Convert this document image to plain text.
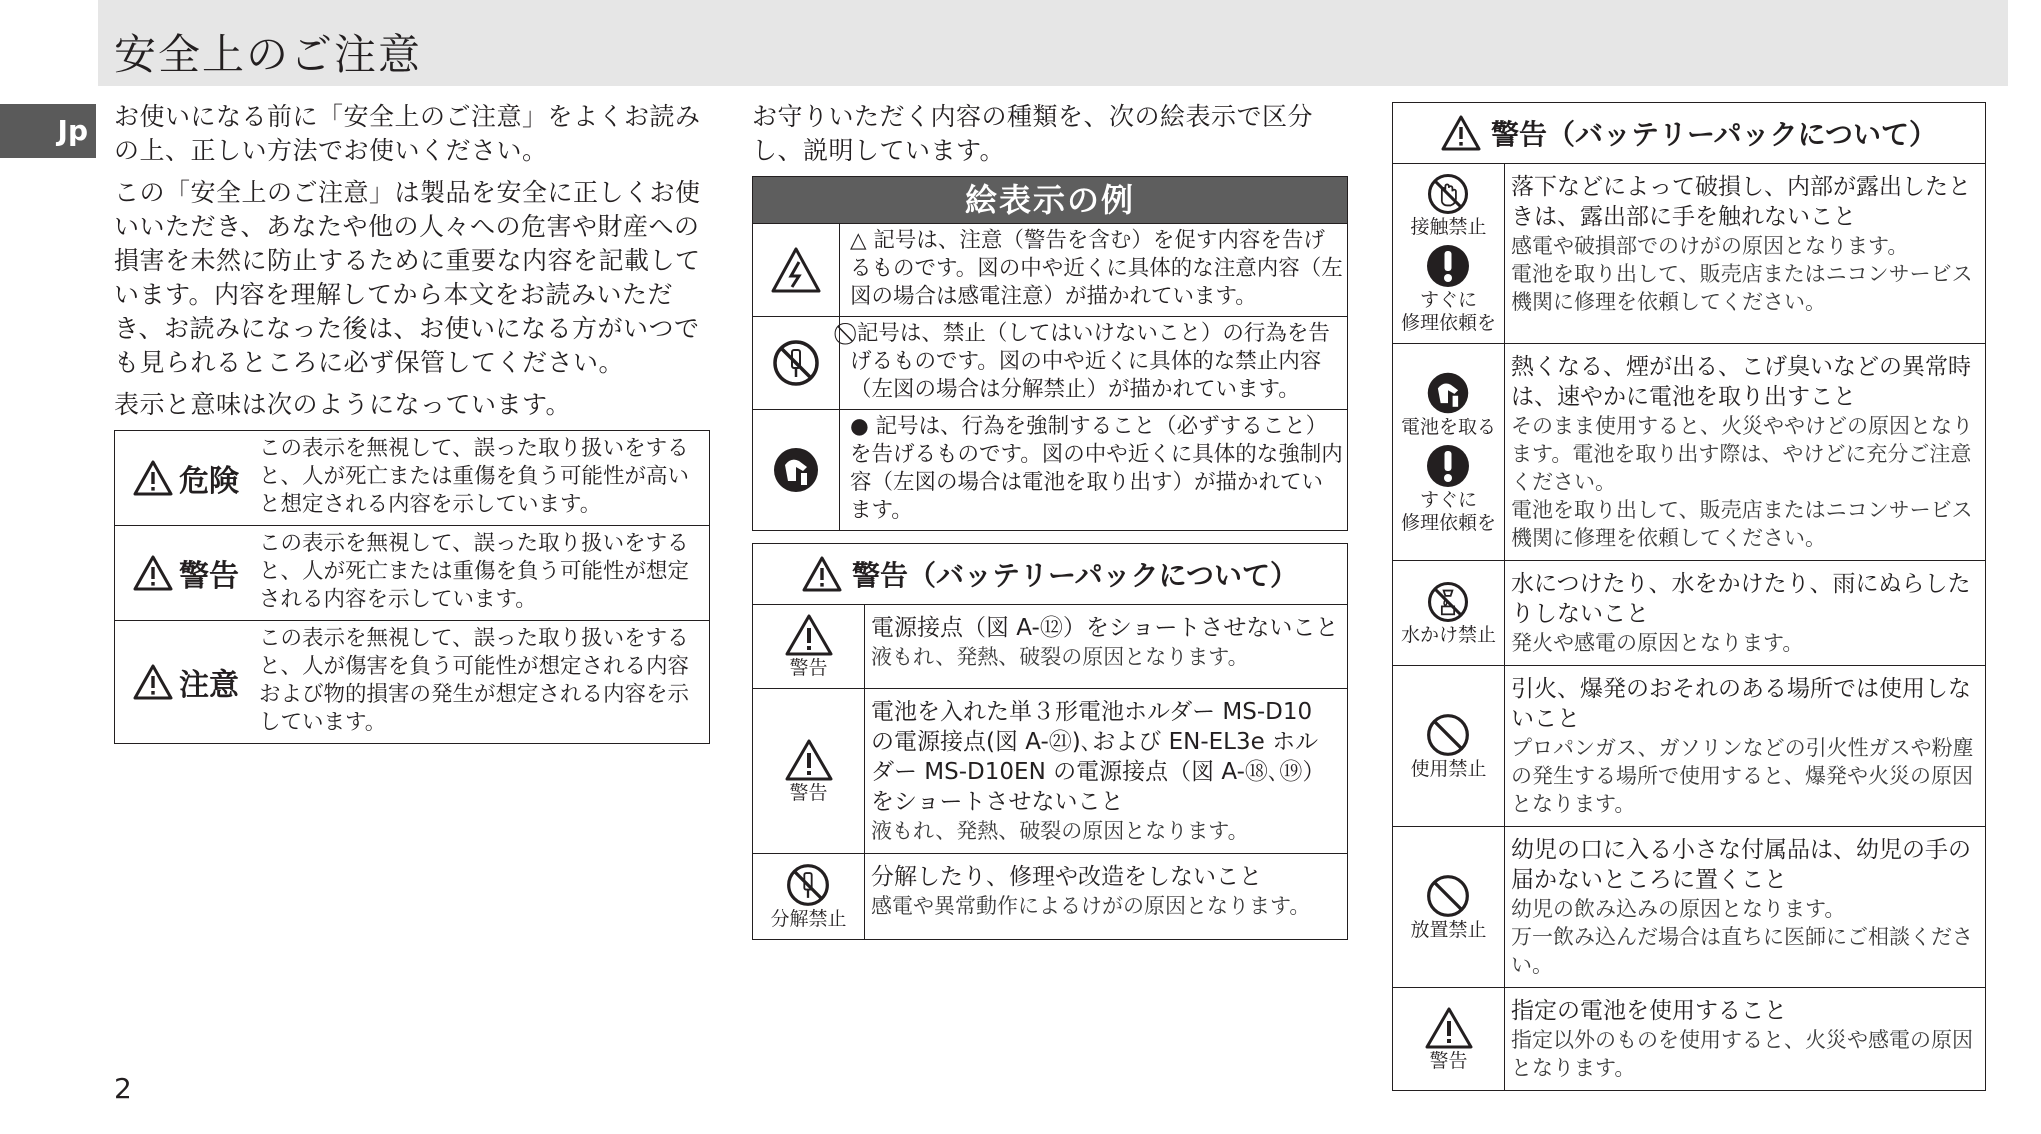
安全上のご注意
Jp	お使いになる前に「安全上のご注意」をよくお読みの上、正しい方法でお使いください。

この「安全上のご注意」は製品を安全に正しくお使いいただき、あなたや他の人々への危害や財産への損害を未然に防止するために重要な内容を記載しています。内容を理解してから本文をお読みいただき、お読みになった後は、お使いになる方がいつでも見られるところに必ず保管してください。

表示と意味は次のようになっています。

危険
この表示を無視して、誤った取り扱いをすると、人が死亡または重傷を負う可能性が高いと想定される内容を示しています。
警告
この表示を無視して、誤った取り扱いをすると、人が死亡または重傷を負う可能性が想定される内容を示しています。
注意
この表示を無視して、誤った取り扱いをすると、人が傷害を負う可能性が想定される内容および物的損害の発生が想定される内容を示しています。

お守りいただく内容の種類を、次の絵表示で区分し、説明しています。

絵表示の例
△ 記号は、注意（警告を含む）を促す内容を告げるものです。図の中や近くに具体的な注意内容（左図の場合は感電注意）が描かれています。
⃠ 記号は、禁止（してはいけないこと）の行為を告げるものです。図の中や近くに具体的な禁止内容（左図の場合は分解禁止）が描かれています。
● 記号は、行為を強制すること（必ずすること）を告げるものです。図の中や近くに具体的な強制内容（左図の場合は電池を取り出す）が描かれています。
警告（バッテリーパックについて）
警告
電源接点（図 A-⑫）をショートさせないこと
液もれ、発熱、破裂の原因となります。
警告
電池を入れた単３形電池ホルダー MS-D10 の電源接点(図 A-㉑)､および EN-EL3e ホルダー MS-D10EN の電源接点（図 A-⑱､⑲）をショートさせないこと
液もれ、発熱、破裂の原因となります。
分解禁止
分解したり、修理や改造をしないこと
感電や異常動作によるけがの原因となります。
警告（バッテリーパックについて）
接触禁止
すぐに
修理依頼を
落下などによって破損し、内部が露出したときは、露出部に手を触れないこと
感電や破損部でのけがの原因となります。
電池を取り出して、販売店またはニコンサービス機関に修理を依頼してください。
電池を取る
すぐに
修理依頼を
熱くなる、煙が出る、こげ臭いなどの異常時は、速やかに電池を取り出すこと
そのまま使用すると、火災ややけどの原因となります。電池を取り出す際は、やけどに充分ご注意ください。
電池を取り出して、販売店またはニコンサービス機関に修理を依頼してください。
水かけ禁止
水につけたり、水をかけたり、雨にぬらしたりしないこと
発火や感電の原因となります。
使用禁止
引火、爆発のおそれのある場所では使用しないこと
プロパンガス、ガソリンなどの引火性ガスや粉塵の発生する場所で使用すると、爆発や火災の原因となります。
放置禁止
幼児の口に入る小さな付属品は、幼児の手の届かないところに置くこと
幼児の飲み込みの原因となります。
万一飲み込んだ場合は直ちに医師にご相談ください。
警告
指定の電池を使用すること
指定以外のものを使用すると、火災や感電の原因となります。
2
